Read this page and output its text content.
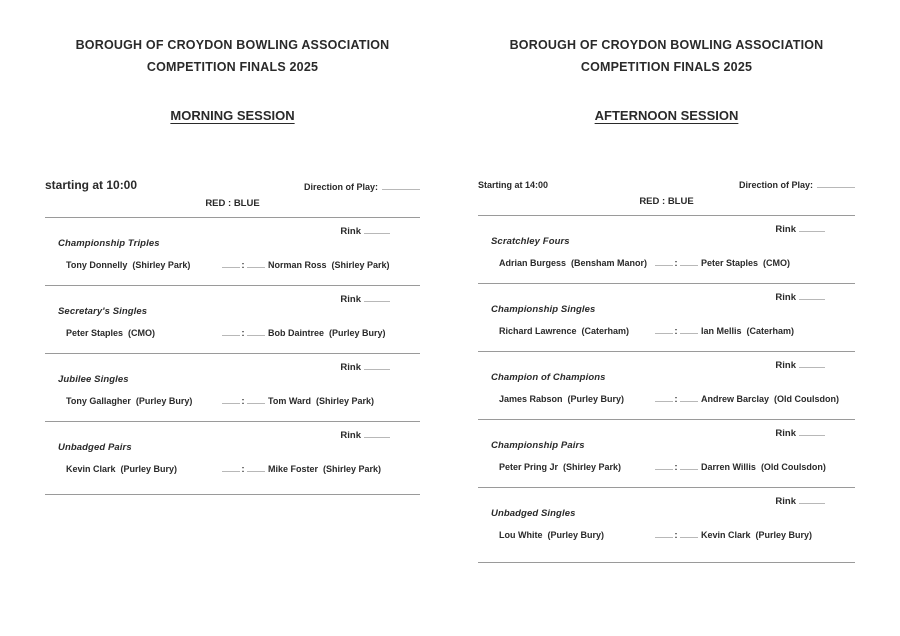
BOROUGH OF CROYDON BOWLING ASSOCIATION
COMPETITION FINALS 2025
MORNING SESSION
starting at 10:00	Direction of Play:
RED : BLUE
Rink
Championship Triples
Tony Donnelly (Shirley Park)	:	Norman Ross (Shirley Park)
Rink
Secretary's Singles
Peter Staples (CMO)	:	Bob Daintree (Purley Bury)
Rink
Jubilee Singles
Tony Gallagher (Purley Bury)	:	Tom Ward (Shirley Park)
Rink
Unbadged Pairs
Kevin Clark (Purley Bury)	:	Mike Foster (Shirley Park)
BOROUGH OF CROYDON BOWLING ASSOCIATION
COMPETITION FINALS 2025
AFTERNOON SESSION
Starting at 14:00	Direction of Play:
RED : BLUE
Rink
Scratchley Fours
Adrian Burgess (Bensham Manor)	:	Peter Staples (CMO)
Rink
Championship Singles
Richard Lawrence (Caterham)	:	Ian Mellis (Caterham)
Rink
Champion of Champions
James Rabson (Purley Bury)	:	Andrew Barclay (Old Coulsdon)
Rink
Championship Pairs
Peter Pring Jr (Shirley Park)	:	Darren Willis (Old Coulsdon)
Rink
Unbadged Singles
Lou White (Purley Bury)	:	Kevin Clark (Purley Bury)
